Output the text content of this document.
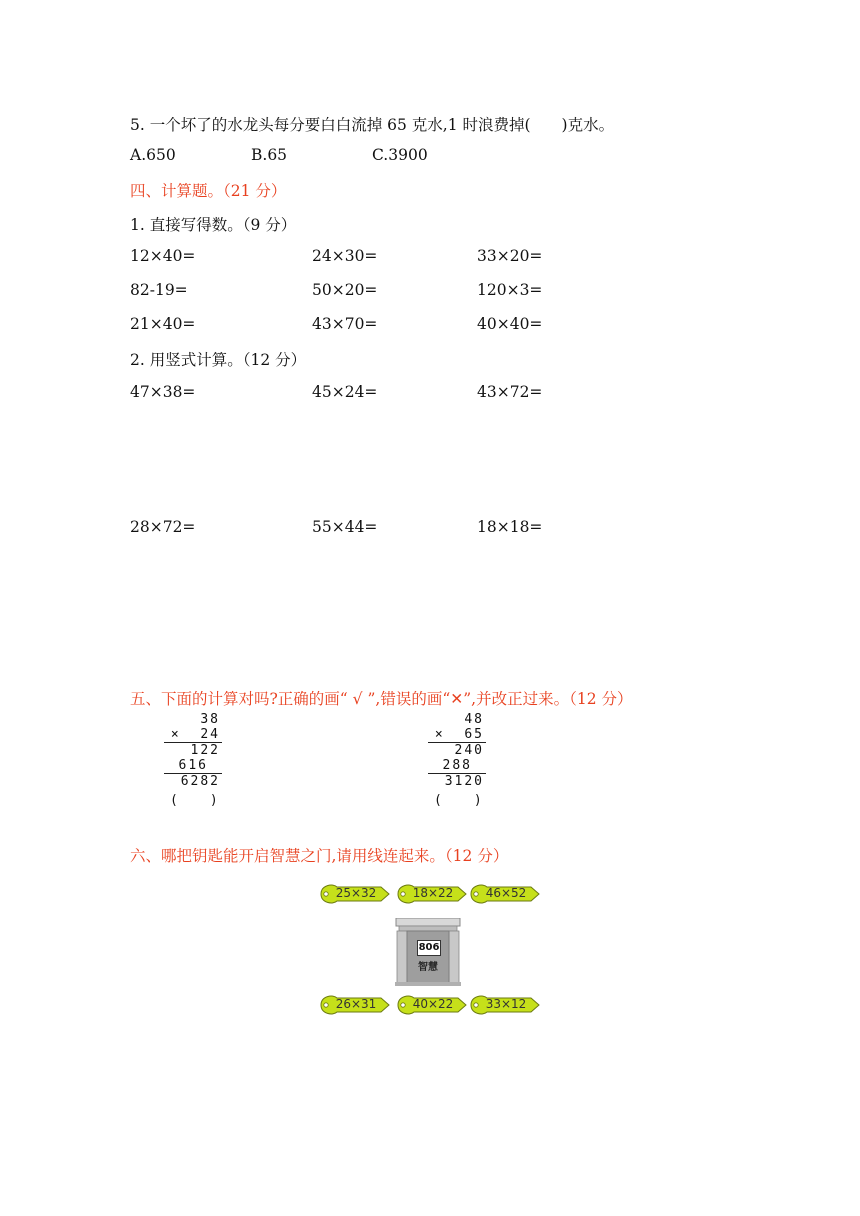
5. 一个坏了的水龙头每分要白白流掉 65 克水,1 时浪费掉(　　)克水。
A.650	B.65	C.3900
四、计算题。（21 分）
1. 直接写得数。（9 分）
12×40=	24×30=	33×20=
82-19=	50×20=	120×3=
21×40=	43×70=	40×40=
2. 用竖式计算。（12 分）
47×38=	45×24=	43×72=
28×72=	55×44=	18×18=
五、下面的计算对吗?正确的画“ √ ”,错误的画“✕”,并改正过来。（12 分）
38
×  24
122
616
6282
(　　)
48
×  65
240
288
3120
(　　)
六、哪把钥匙能开启智慧之门,请用线连起来。（12 分）
25×32	18×22	46×52
806
智慧
26×31	40×22	33×12
